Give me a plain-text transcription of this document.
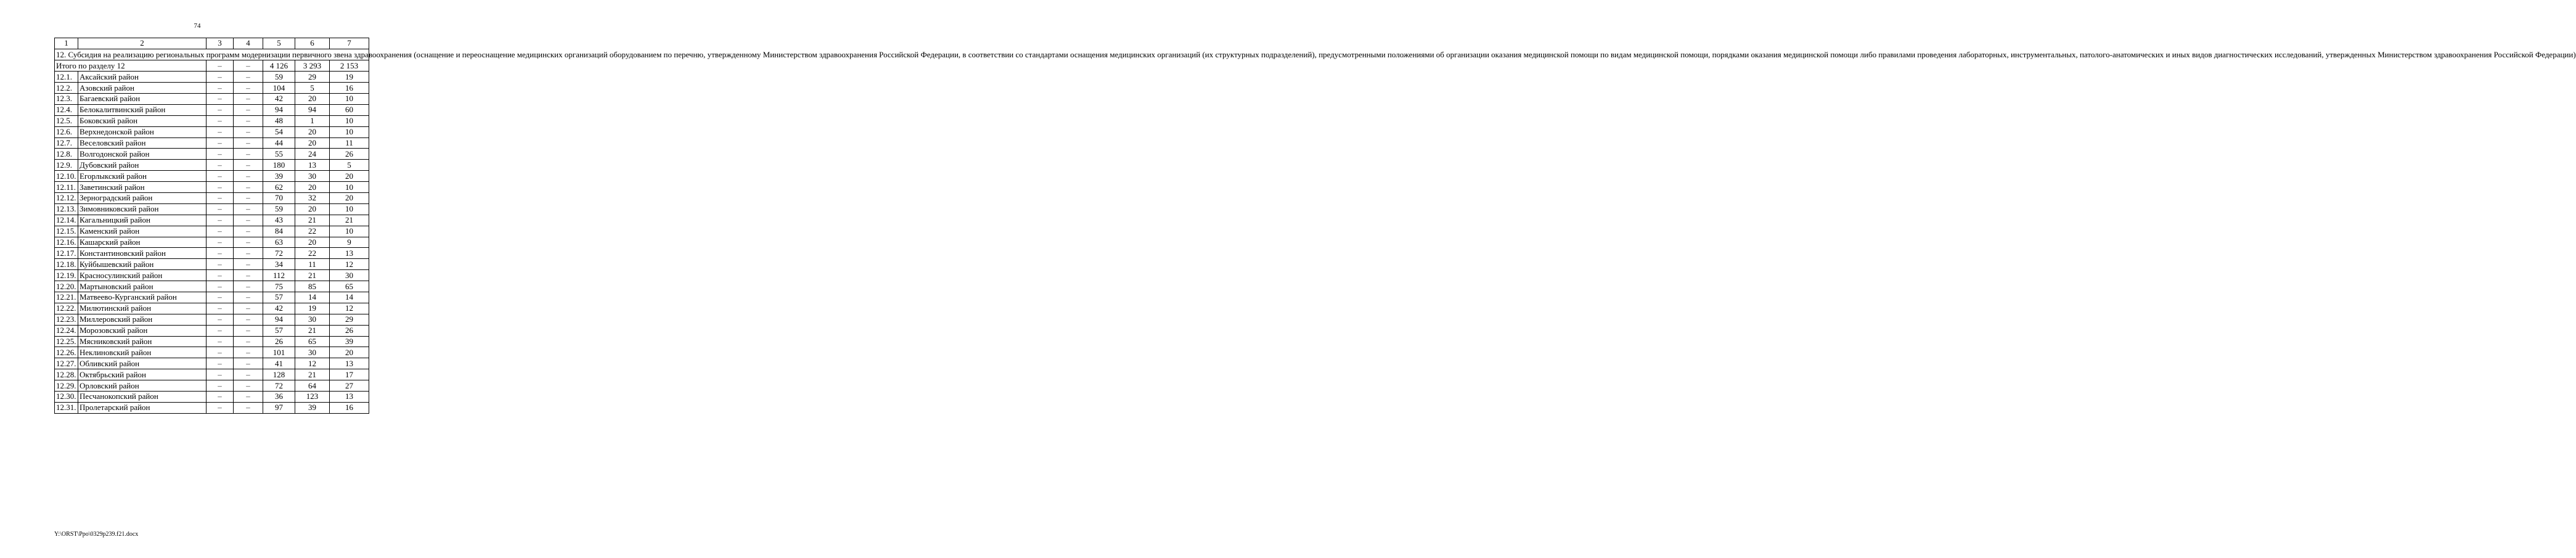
74
1	2	3	4	5	6	7
12. Субсидия на реализацию региональных программ модернизации первичного звена здравоохранения (оснащение и переоснащение медицинских организаций оборудованием по перечню, утвержденному Министерством здравоохранения Российской Федерации, в соответствии со стандартами оснащения медицинских организаций (их структурных подразделений), предусмотренными положениями об организации оказания медицинской помощи по видам медицинской помощи, порядками оказания медицинской помощи либо правилами проведения лабораторных, инструментальных, патолого-анатомических и иных видов диагностических исследований, утвержденных Министерством здравоохранения Российской Федерации)						
Итого по разделу 12		–	–	4 126	3 293	2 153
12.1.	Аксайский район	–	–	59	29	19
12.2.	Азовский район	–	–	104	5	16
12.3.	Багаевский район	–	–	42	20	10
12.4.	Белокалитвинский район	–	–	94	94	60
12.5.	Боковский район	–	–	48	1	10
12.6.	Верхнедонской район	–	–	54	20	10
12.7.	Веселовский район	–	–	44	20	11
12.8.	Волгодонской район	–	–	55	24	26
12.9.	Дубовский район	–	–	180	13	5
12.10.	Егорлыкский район	–	–	39	30	20
12.11.	Заветинский район	–	–	62	20	10
12.12.	Зерноградский район	–	–	70	32	20
12.13.	Зимовниковский район	–	–	59	20	10
12.14.	Кагальницкий район	–	–	43	21	21
12.15.	Каменский район	–	–	84	22	10
12.16.	Кашарский район	–	–	63	20	9
12.17.	Константиновский район	–	–	72	22	13
12.18.	Куйбышевский район	–	–	34	11	12
12.19.	Красносулинский район	–	–	112	21	30
12.20.	Мартыновский район	–	–	75	85	65
12.21.	Матвеево-Курганский район	–	–	57	14	14
12.22.	Милютинский район	–	–	42	19	12
12.23.	Миллеровский район	–	–	94	30	29
12.24.	Морозовский район	–	–	57	21	26
12.25.	Мясниковский район	–	–	26	65	39
12.26.	Неклиновский район	–	–	101	30	20
12.27.	Обливский район	–	–	41	12	13
12.28.	Октябрьский район	–	–	128	21	17
12.29.	Орловский район	–	–	72	64	27
12.30.	Песчанокопский район	–	–	36	123	13
12.31.	Пролетарский район	–	–	97	39	16
Y:\ORST\Ppo\0329p239.f21.docx
